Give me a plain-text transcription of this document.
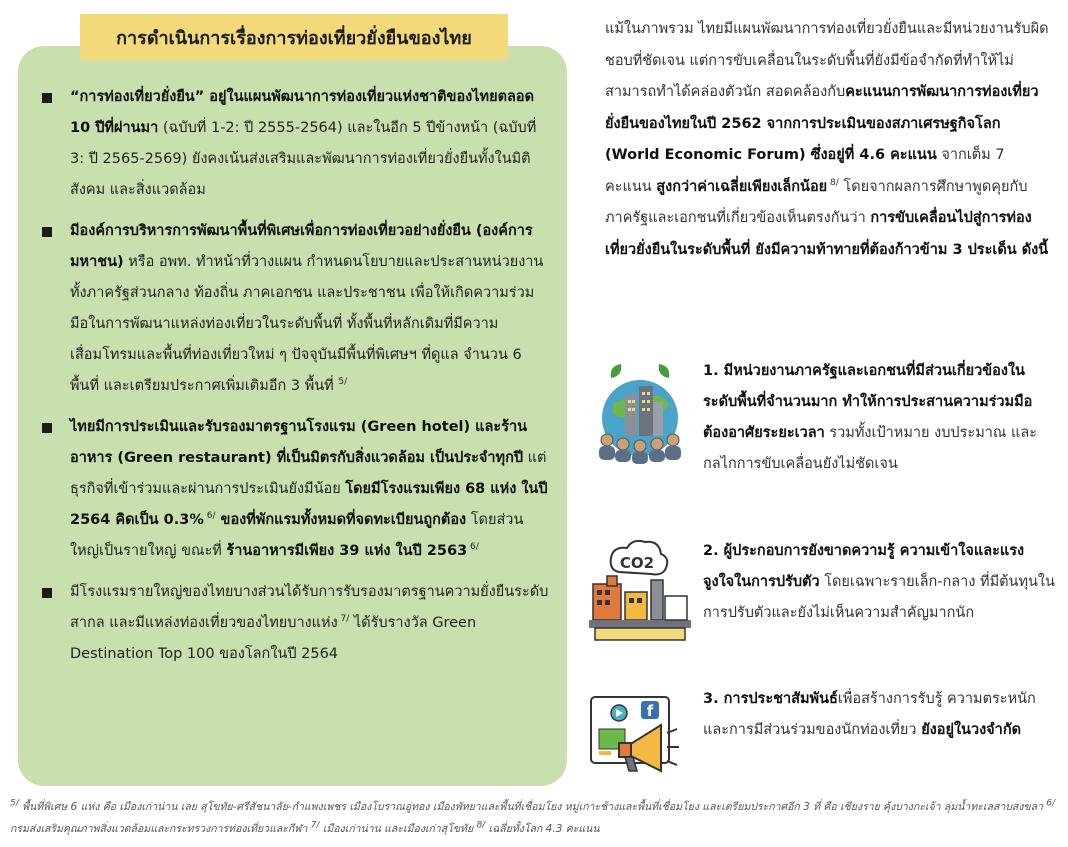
การดำเนินการเรื่องการท่องเที่ยวยั่งยืนของไทย
“การท่องเที่ยวยั่งยืน” อยู่ในแผนพัฒนาการท่องเที่ยวแห่งชาติของไทยตลอด 10 ปีที่ผ่านมา (ฉบับที่ 1-2: ปี 2555-2564) และในอีก 5 ปีข้างหน้า (ฉบับที่ 3: ปี 2565-2569) ยังคงเน้นส่งเสริมและพัฒนาการท่องเที่ยวยั่งยืนทั้งในมิติสังคม และสิ่งแวดล้อม
มีองค์การบริหารการพัฒนาพื้นที่พิเศษเพื่อการท่องเที่ยวอย่างยั่งยืน (องค์การมหาชน) หรือ อพท. ทำหน้าที่วางแผน กำหนดนโยบายและประสานหน่วยงานทั้งภาครัฐส่วนกลาง ท้องถิ่น ภาคเอกชน และประชาชน เพื่อให้เกิดความร่วมมือในการพัฒนาแหล่งท่องเที่ยวในระดับพื้นที่ ทั้งพื้นที่หลักเดิมที่มีความเสื่อมโทรมและพื้นที่ท่องเที่ยวใหม่ ๆ ปัจจุบันมีพื้นที่พิเศษฯ ที่ดูแล จำนวน 6 พื้นที่ และเตรียมประกาศเพิ่มเติมอีก 3 พื้นที่ $^{5/}$
ไทยมีการประเมินและรับรองมาตรฐานโรงแรม (Green hotel) และร้านอาหาร (Green restaurant) ที่เป็นมิตรกับสิ่งแวดล้อม เป็นประจำทุกปี แต่ธุรกิจที่เข้าร่วมและผ่านการประเมินยังมีน้อย โดยมีโรงแรมเพียง 68 แห่ง ในปี 2564 คิดเป็น 0.3% $^{6/}$ ของที่พักแรมทั้งหมดที่จดทะเบียนถูกต้อง โดยส่วนใหญ่เป็นรายใหญ่ ขณะที่ ร้านอาหารมีเพียง 39 แห่ง ในปี 2563 $^{6/}$
มีโรงแรมรายใหญ่ของไทยบางส่วนได้รับการรับรองมาตรฐานความยั่งยืนระดับสากล และมีแหล่งท่องเที่ยวของไทยบางแห่ง $^{7/}$ ได้รับรางวัล Green Destination Top 100 ของโลกในปี 2564
แม้ในภาพรวม ไทยมีแผนพัฒนาการท่องเที่ยวยั่งยืนและมีหน่วยงานรับผิดชอบที่ชัดเจน แต่การขับเคลื่อนในระดับพื้นที่ยังมีข้อจำกัดที่ทำให้ไม่สามารถทำได้คล่องตัวนัก สอดคล้องกับคะแนนการพัฒนาการท่องเที่ยวยั่งยืนของไทยในปี 2562 จากการประเมินของสภาเศรษฐกิจโลก (World Economic Forum) ซึ่งอยู่ที่ 4.6 คะแนน จากเต็ม 7 คะแนน สูงกว่าค่าเฉลี่ยเพียงเล็กน้อย $^{8/}$ โดยจากผลการศึกษาพูดคุยกับภาครัฐและเอกชนที่เกี่ยวข้องเห็นตรงกันว่า การขับเคลื่อนไปสู่การท่องเที่ยวยั่งยืนในระดับพื้นที่ ยังมีความท้าทายที่ต้องก้าวข้าม 3 ประเด็น ดังนี้
1. มีหน่วยงานภาครัฐและเอกชนที่มีส่วนเกี่ยวข้องในระดับพื้นที่จำนวนมาก ทำให้การประสานความร่วมมือต้องอาศัยระยะเวลา รวมทั้งเป้าหมาย งบประมาณ และกลไกการขับเคลื่อนยังไม่ชัดเจน
CO2
2. ผู้ประกอบการยังขาดความรู้ ความเข้าใจและแรงจูงใจในการปรับตัว โดยเฉพาะรายเล็ก-กลาง ที่มีต้นทุนในการปรับตัวและยังไม่เห็นความสำคัญมากนัก
f
3. การประชาสัมพันธ์เพื่อสร้างการรับรู้ ความตระหนัก และการมีส่วนร่วมของนักท่องเที่ยว ยังอยู่ในวงจำกัด
$^{5/}$ พื้นที่พิเศษ 6 แห่ง คือ เมืองเก่าน่าน เลย สุโขทัย-ศรีสัชนาลัย-กำแพงเพชร เมืองโบราณอู่ทอง เมืองพัทยาและพื้นที่เชื่อมโยง หมู่เกาะช้างและพื้นที่เชื่อมโยง และเตรียมประกาศอีก 3 ที่ คือ เชียงราย คุ้งบางกะเจ้า ลุ่มน้ำทะเลสาบสงขลา $^{6/}$ กรมส่งเสริมคุณภาพสิ่งแวดล้อมและกระทรวงการท่องเที่ยวและกีฬา $^{7/}$ เมืองเก่าน่าน และเมืองเก่าสุโขทัย $^{8/}$ เฉลี่ยทั้งโลก 4.3 คะแนน
